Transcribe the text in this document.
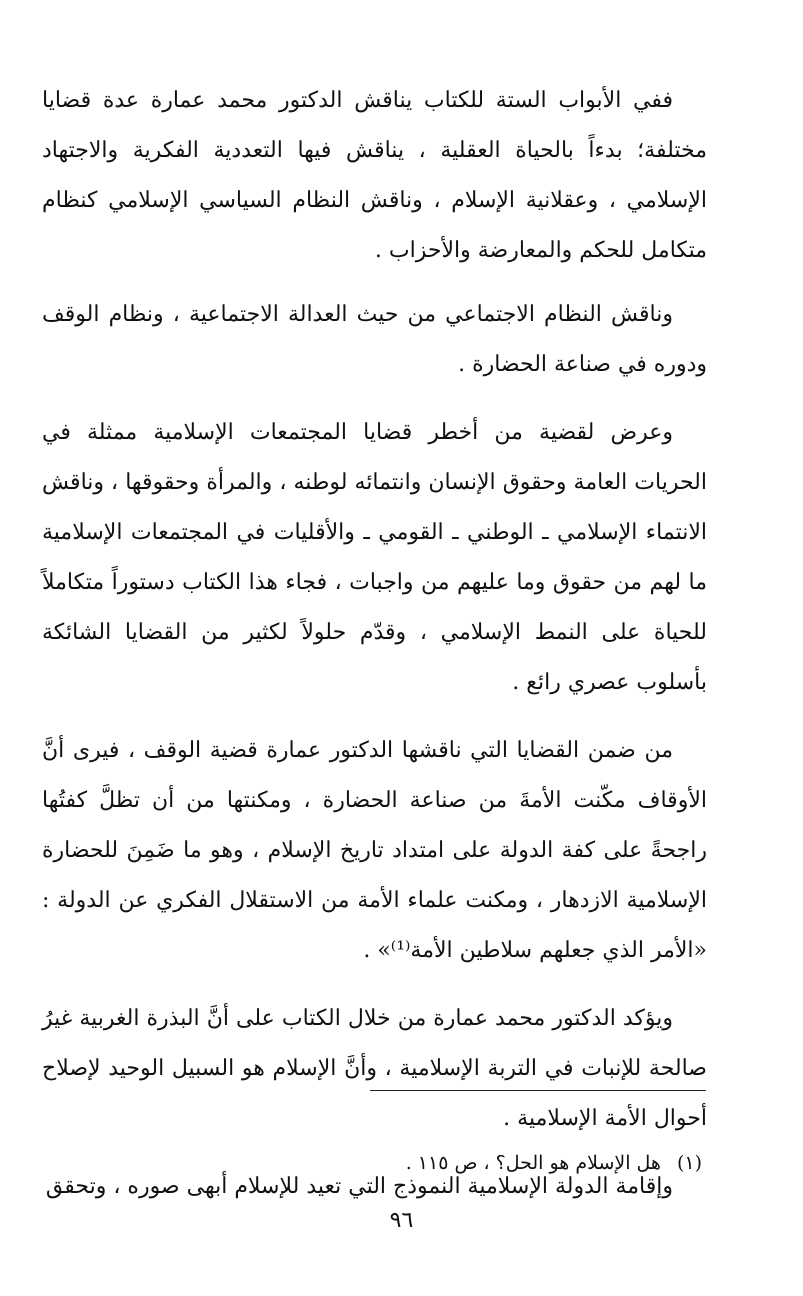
ففي الأبواب الستة للكتاب يناقش الدكتور محمد عمارة عدة قضايا مختلفة؛ بدءاً بالحياة العقلية ، يناقش فيها التعددية الفكرية والاجتهاد الإسلامي ، وعقلانية الإسلام ، وناقش النظام السياسي الإسلامي كنظام متكامل للحكم والمعارضة والأحزاب .

وناقش النظام الاجتماعي من حيث العدالة الاجتماعية ، ونظام الوقف ودوره في صناعة الحضارة .

وعرض لقضية من أخطر قضايا المجتمعات الإسلامية ممثلة في الحريات العامة وحقوق الإنسان وانتمائه لوطنه ، والمرأة وحقوقها ، وناقش الانتماء الإسلامي ـ الوطني ـ القومي ـ والأقليات في المجتمعات الإسلامية ما لهم من حقوق وما عليهم من واجبات ، فجاء هذا الكتاب دستوراً متكاملاً للحياة على النمط الإسلامي ، وقدّم حلولاً لكثير من القضايا الشائكة بأسلوب عصري رائع .

من ضمن القضايا التي ناقشها الدكتور عمارة قضية الوقف ، فيرى أنَّ الأوقاف مكّنت الأمةَ من صناعة الحضارة ، ومكنتها من أن تظلَّ كفتُها راجحةً على كفة الدولة على امتداد تاريخ الإسلام ، وهو ما ضَمِنَ للحضارة الإسلامية الازدهار ، ومكنت علماء الأمة من الاستقلال الفكري عن الدولة : «الأمر الذي جعلهم سلاطين الأمة⁽¹⁾» .

ويؤكد الدكتور محمد عمارة من خلال الكتاب على أنَّ البذرة الغربية غيرُ صالحة للإنبات في التربة الإسلامية ، وأنَّ الإسلام هو السبيل الوحيد لإصلاح أحوال الأمة الإسلامية .

وإقامة الدولة الإسلامية النموذج التي تعيد للإسلام أبهى صوره ، وتحقق

(١)هل الإسلام هو الحل؟ ، ص ١١٥ .
٩٦
